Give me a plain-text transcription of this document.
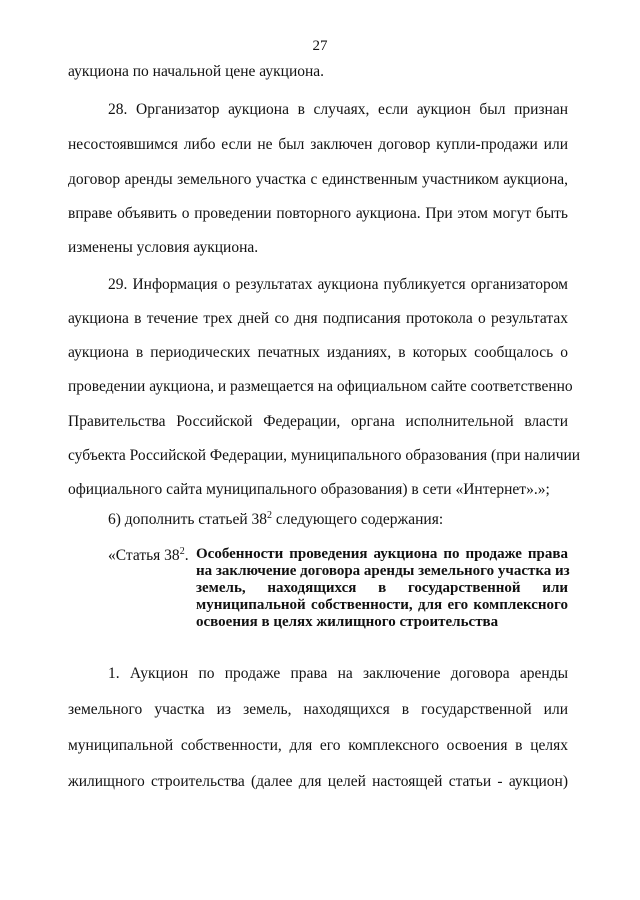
27
аукциона по начальной цене аукциона.
28. Организатор аукциона в случаях, если аукцион был признан
несостоявшимся либо если не был заключен договор купли-продажи или
договор аренды земельного участка с единственным участником аукциона,
вправе объявить о проведении повторного аукциона. При этом могут быть
изменены условия аукциона.
29. Информация о результатах аукциона публикуется организатором
аукциона в течение трех дней со дня подписания протокола о результатах
аукциона в периодических печатных изданиях, в которых сообщалось о
проведении аукциона, и размещается на официальном сайте соответственно
Правительства Российской Федерации, органа исполнительной власти
субъекта Российской Федерации, муниципального образования (при наличии
официального сайта муниципального образования) в сети «Интернет».»;
6) дополнить статьей $38^2$ следующего содержания:
«Статья $38^2$. Особенности проведения аукциона по продаже права
на заключение договора аренды земельного участка из
земель, находящихся в государственной или
муниципальной собственности, для его комплексного
освоения в целях жилищного строительства
1. Аукцион по продаже права на заключение договора аренды
земельного участка из земель, находящихся в государственной или
муниципальной собственности, для его комплексного освоения в целях
жилищного строительства (далее для целей настоящей статьи - аукцион)
